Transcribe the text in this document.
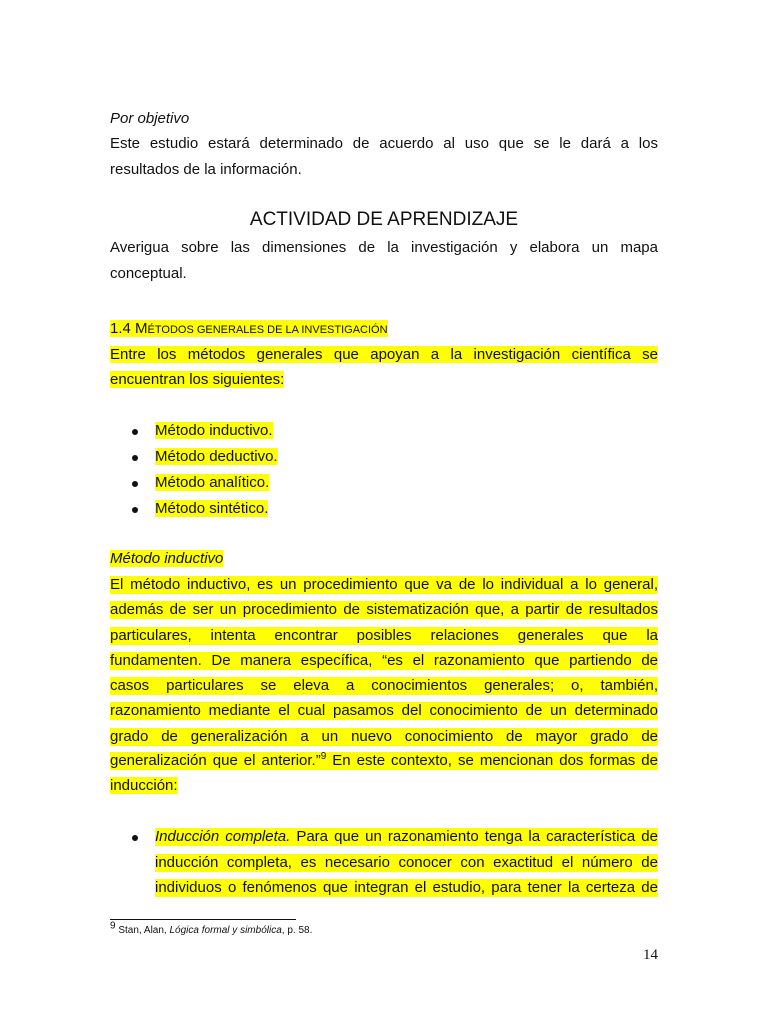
Por objetivo
Este estudio estará determinado de acuerdo al uso que se le dará a los
resultados de la información.
ACTIVIDAD DE APRENDIZAJE
Averigua sobre las dimensiones de la investigación y elabora un mapa
conceptual.
1.4 MÉTODOS GENERALES DE LA INVESTIGACIÓN
Entre los métodos generales que apoyan a la investigación científica se
encuentran los siguientes:
Método inductivo.
Método deductivo.
Método analítico.
Método sintético.
Método inductivo
El método inductivo, es un procedimiento que va de lo individual a lo general,
además de ser un procedimiento de sistematización que, a partir de resultados
particulares, intenta encontrar posibles relaciones generales que la
fundamenten. De manera específica, “es el razonamiento que partiendo de
casos particulares se eleva a conocimientos generales; o, también,
razonamiento mediante el cual pasamos del conocimiento de un determinado
grado de generalización a un nuevo conocimiento de mayor grado de
generalización que el anterior.”$^9$ En este contexto, se mencionan dos formas de
inducción:
Inducción completa. Para que un razonamiento tenga la característica de
inducción completa, es necesario conocer con exactitud el número de
individuos o fenómenos que integran el estudio, para tener la certeza de
$^9$ Stan, Alan, Lógica formal y simbólica, p. 58.
14
